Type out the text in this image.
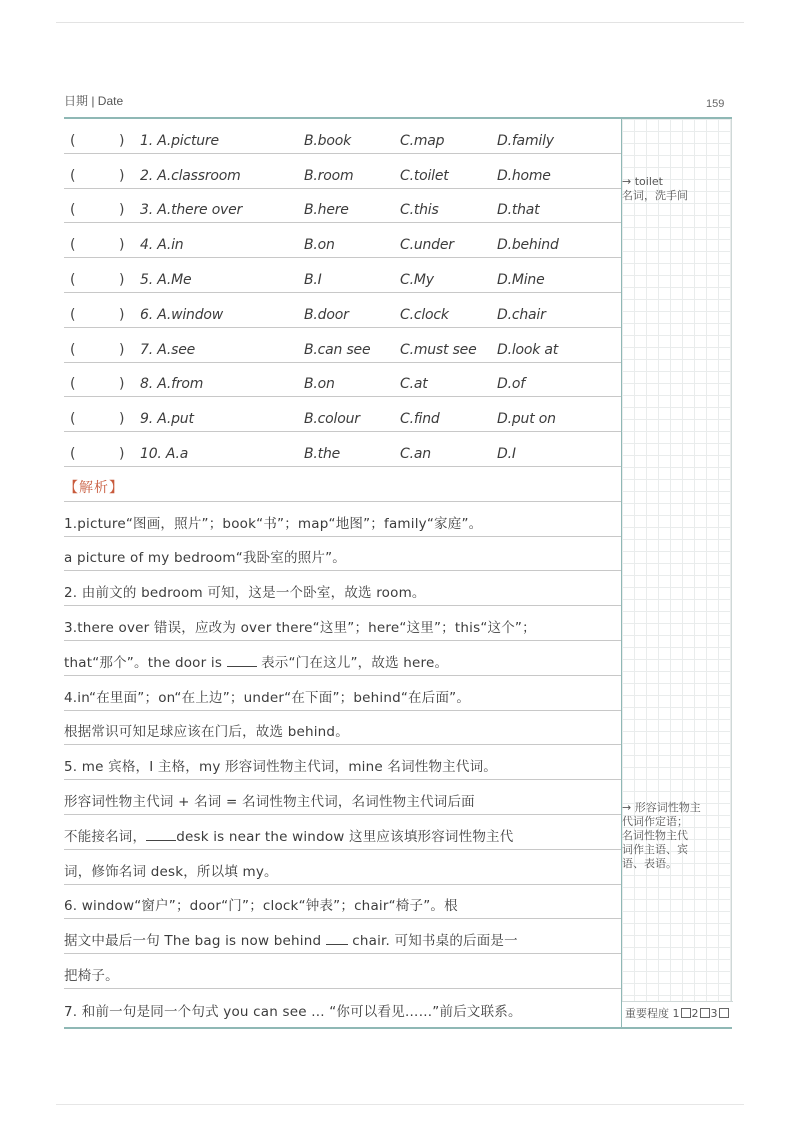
日期 | Date	159
(	) 1. A.picture	B.book	C.map	D.family
(	) 2. A.classroom	B.room	C.toilet	D.home
(	) 3. A.there over	B.here	C.this	D.that
(	) 4. A.in	B.on	C.under	D.behind
(	) 5. A.Me	B.I	C.My	D.Mine
(	) 6. A.window	B.door	C.clock	D.chair
(	) 7. A.see	B.can see C.must see D.look at
(	) 8. A.from	B.on	C.at	D.of
(	) 9. A.put	B.colour	C.find	D.put on
(	) 10. A.a	B.the	C.an	D.I
【解析】
1.picture“图画，照片”；book“书”；map“地图”；family“家庭”。
a picture of my bedroom“我卧室的照片”。
2. 由前文的 bedroom 可知，这是一个卧室，故选 room。
3.there over 错误，应改为 over there“这里”；here“这里”；this“这个”；
that“那个”。the door is	表示“门在这儿”，故选 here。
4.in“在里面”；on“在上边”；under“在下面”；behind“在后面”。
根据常识可知足球应该在门后，故选 behind。
5. me 宾格，I 主格，my 形容词性物主代词，mine 名词性物主代词。
形容词性物主代词 + 名词 = 名词性物主代词，名词性物主代词后面
不能接名词， desk is near the window 这里应该填形容词性物主代
词，修饰名词 desk，所以填 my。
6. window“窗户”；door“门”；clock“钟表”；chair“椅子”。根
据文中最后一句 The bag is now behind chair. 可知书桌的后面是一
把椅子。
7. 和前一句是同一个句式 you can see ... “你可以看见……”前后文联系。
→ toilet
名词，洗手间
→ 形容词性物主
代词作定语；
名词性物主代
词作主语、宾
语、表语。
重要程度 1 2 3
